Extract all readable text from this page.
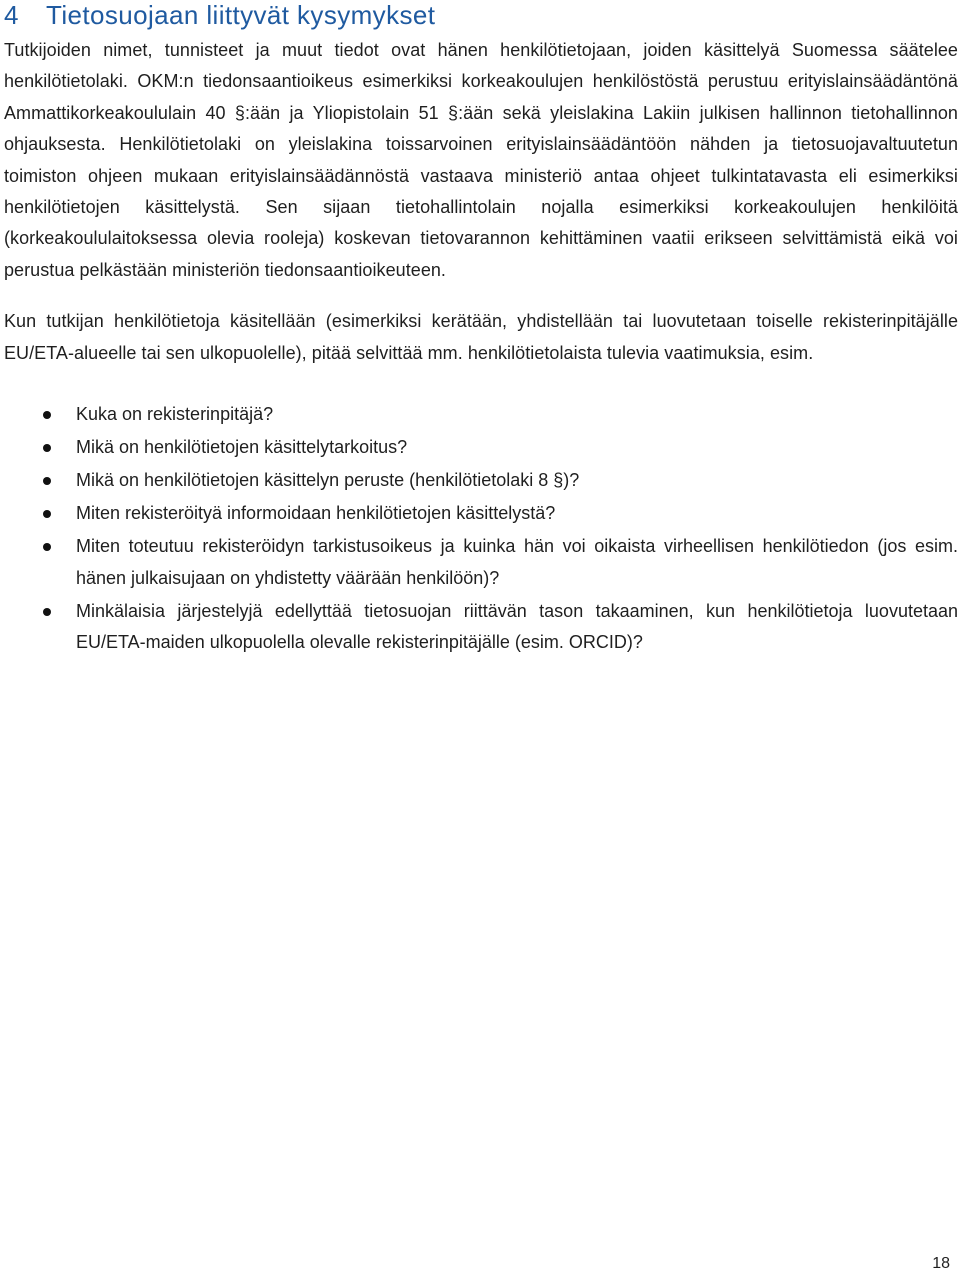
4 Tietosuojaan liittyvät kysymykset

Tutkijoiden nimet, tunnisteet ja muut tiedot ovat hänen henkilötietojaan, joiden käsittelyä Suomessa säätelee henkilötietolaki. OKM:n tiedonsaantioikeus esimerkiksi korkeakoulujen henkilöstöstä perustuu erityislainsäädäntönä Ammattikorkeakoululain 40 §:ään ja Yliopistolain 51 §:ään sekä yleislakina Lakiin julkisen hallinnon tietohallinnon ohjauksesta. Henkilötietolaki on yleislakina toissarvoinen erityislainsäädäntöön nähden ja tietosuojavaltuutetun toimiston ohjeen mukaan erityislainsäädännöstä vastaava ministeriö antaa ohjeet tulkintatavasta eli esimerkiksi henkilötietojen käsittelystä. Sen sijaan tietohallintolain nojalla esimerkiksi korkeakoulujen henkilöitä (korkeakoululaitoksessa olevia rooleja) koskevan tietovarannon kehittäminen vaatii erikseen selvittämistä eikä voi perustua pelkästään ministeriön tiedonsaantioikeuteen.

Kun tutkijan henkilötietoja käsitellään (esimerkiksi kerätään, yhdistellään tai luovutetaan toiselle rekisterinpitäjälle EU/ETA-alueelle tai sen ulkopuolelle), pitää selvittää mm. henkilötietolaista tulevia vaatimuksia, esim.

Kuka on rekisterinpitäjä?
Mikä on henkilötietojen käsittelytarkoitus?
Mikä on henkilötietojen käsittelyn peruste (henkilötietolaki 8 §)?
Miten rekisteröityä informoidaan henkilötietojen käsittelystä?
Miten toteutuu rekisteröidyn tarkistusoikeus ja kuinka hän voi oikaista virheellisen henkilötiedon (jos esim. hänen julkaisujaan on yhdistetty väärään henkilöön)?
Minkälaisia järjestelyjä edellyttää tietosuojan riittävän tason takaaminen, kun henkilötietoja luovutetaan EU/ETA-maiden ulkopuolella olevalle rekisterinpitäjälle (esim. ORCID)?
18
